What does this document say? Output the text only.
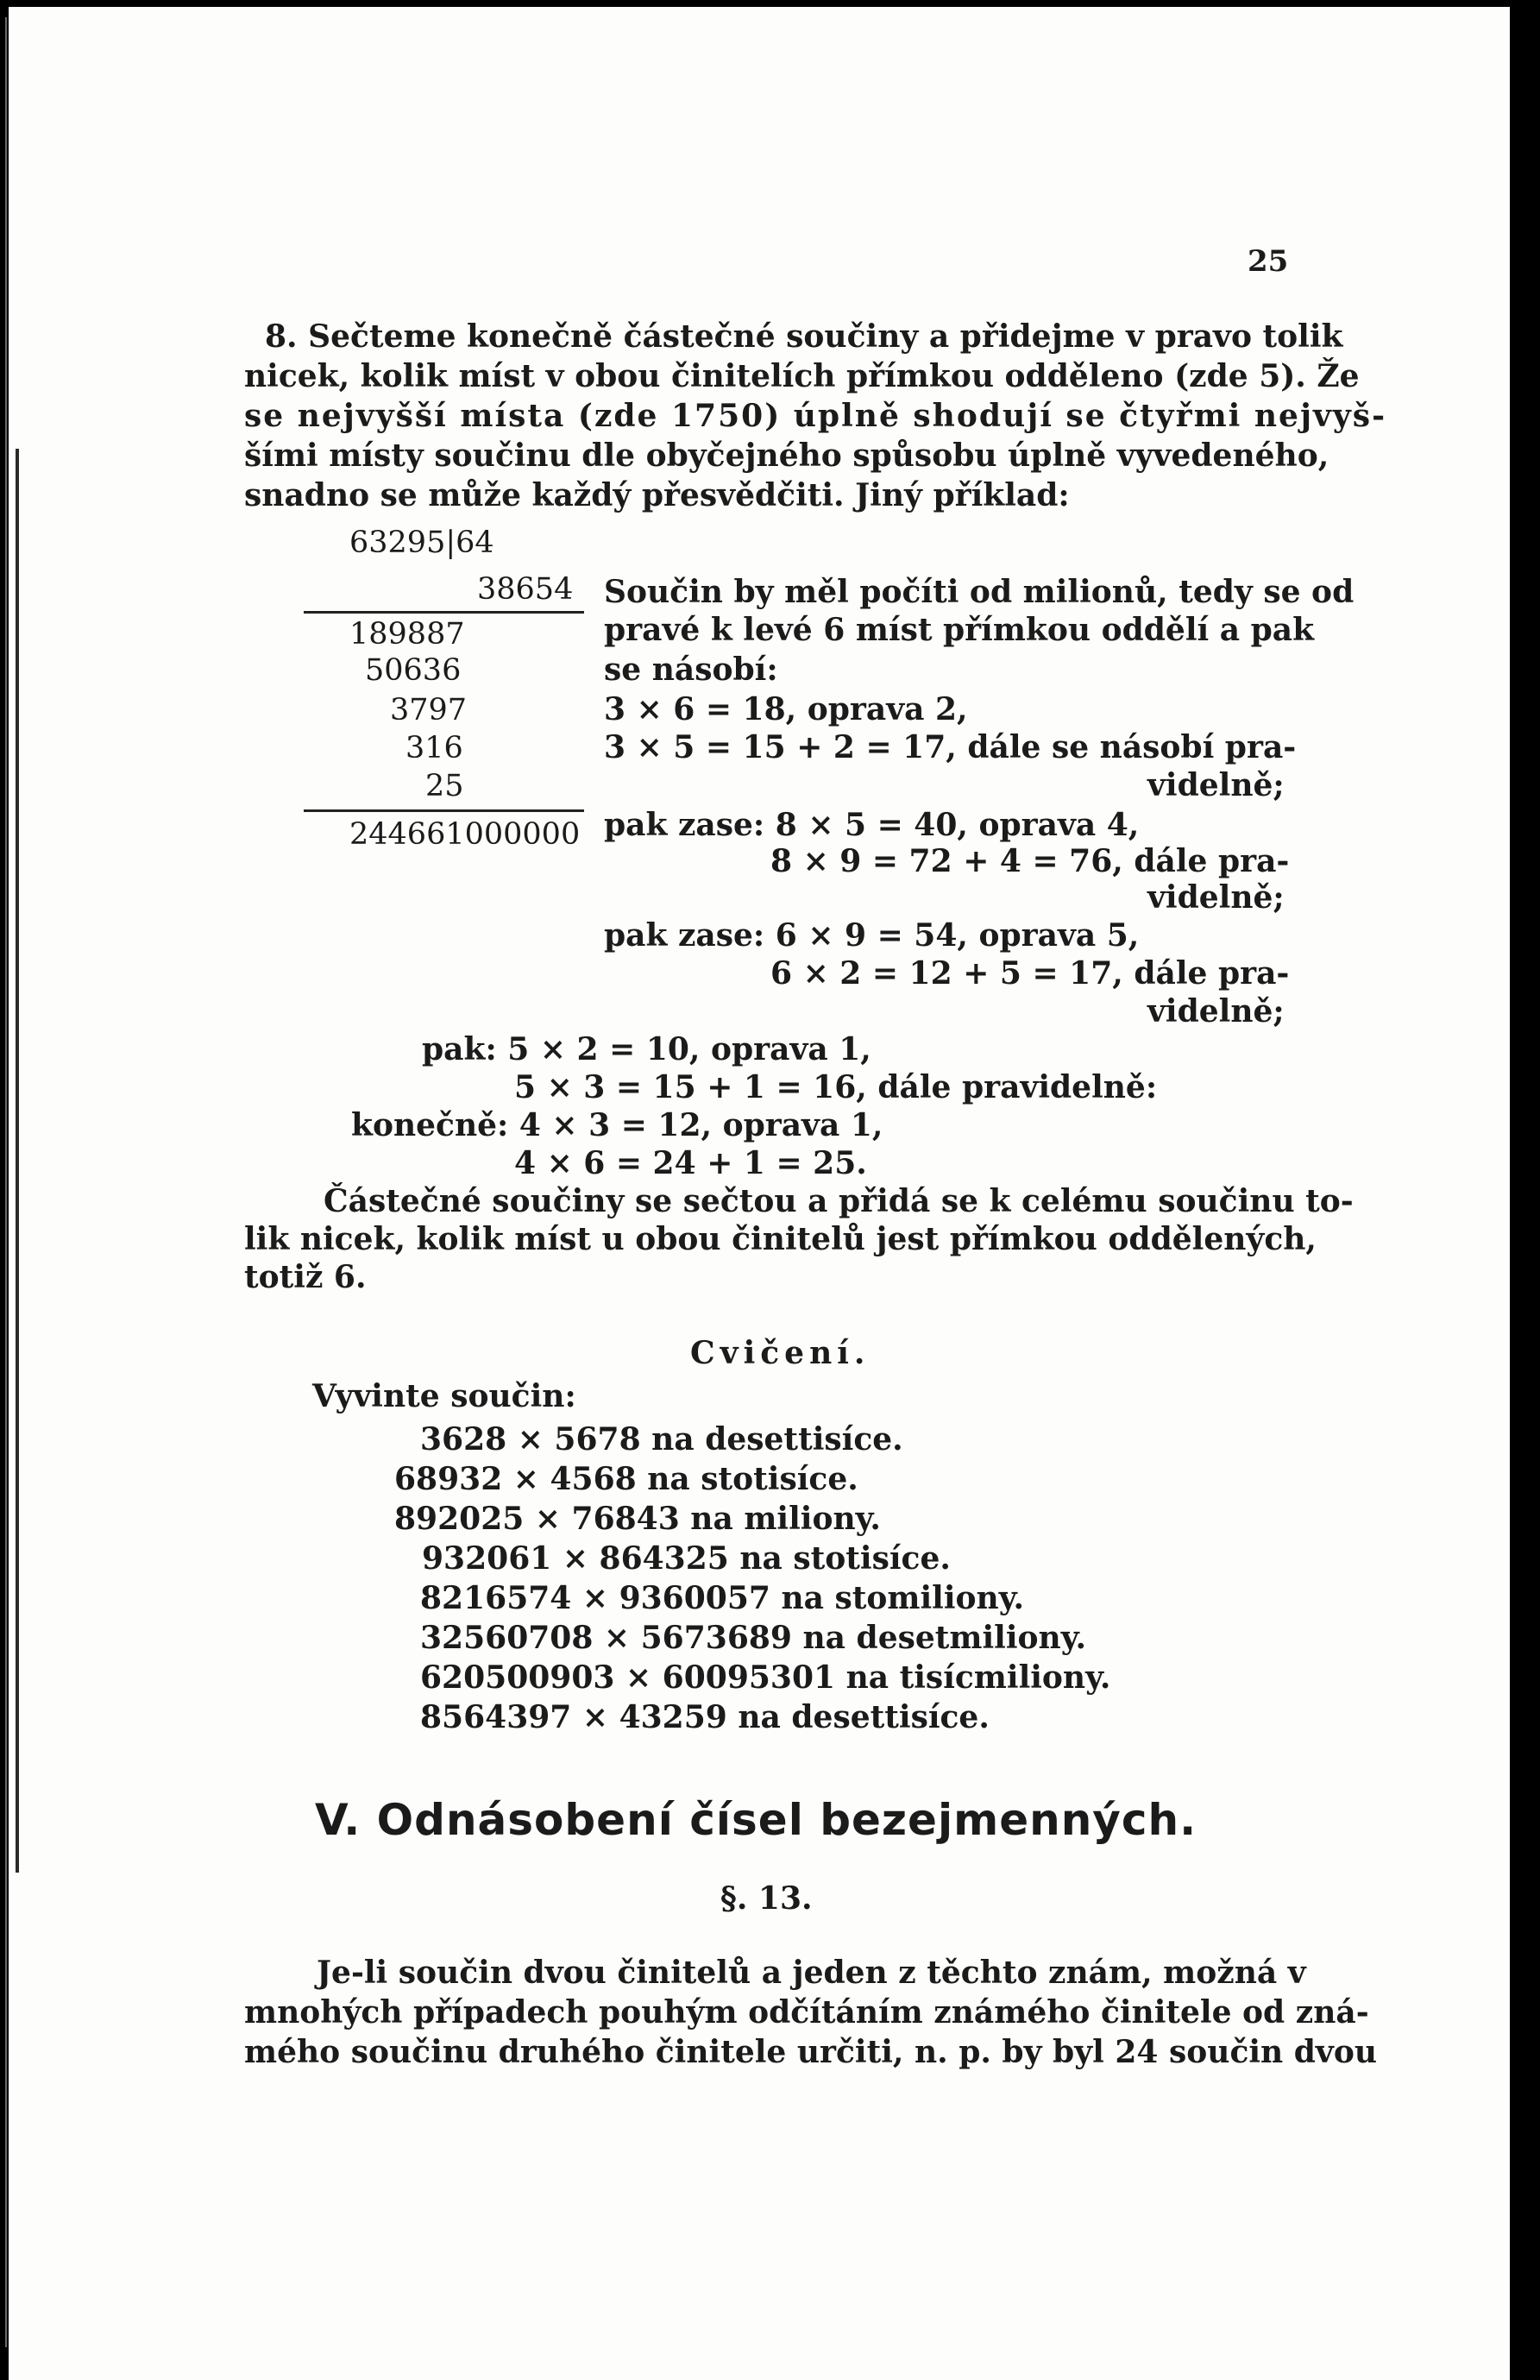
25
8. Sečteme konečně částečné součiny a přidejme v pravo tolik
nicek, kolik míst v obou činitelích přímkou odděleno (zde 5). Že
se nejvyšší místa (zde 1750) úplně shodují se čtyřmi nejvyš-
šími místy součinu dle obyčejného spůsobu úplně vyvedeného,
snadno se může každý přesvědčiti. Jiný příklad:
63295|64
38654
189887
50636
3797
316
25
244661000000
Součin by měl počíti od milionů, tedy se od
pravé k levé 6 míst přímkou oddělí a pak
se násobí:
3 × 6 = 18, oprava 2,
3 × 5 = 15 + 2 = 17, dále se násobí pra-
videlně;
pak zase: 8 × 5 = 40, oprava 4,
8 × 9 = 72 + 4 = 76, dále pra-
videlně;
pak zase: 6 × 9 = 54, oprava 5,
6 × 2 = 12 + 5 = 17, dále pra-
videlně;
pak: 5 × 2 = 10, oprava 1,
5 × 3 = 15 + 1 = 16, dále pravidelně:
konečně: 4 × 3 = 12, oprava 1,
4 × 6 = 24 + 1 = 25.
Částečné součiny se sečtou a přidá se k celému součinu to-
lik nicek, kolik míst u obou činitelů jest přímkou oddělených,
totiž 6.
Cvičení.
Vyvinte součin:
3628 × 5678 na desettisíce.
68932 × 4568 na stotisíce.
892025 × 76843 na miliony.
932061 × 864325 na stotisíce.
8216574 × 9360057 na stomiliony.
32560708 × 5673689 na desetmiliony.
620500903 × 60095301 na tisícmiliony.
8564397 × 43259 na desettisíce.
V. Odnásobení čísel bezejmenných.
§. 13.
Je-li součin dvou činitelů a jeden z těchto znám, možná v
mnohých případech pouhým odčítáním známého činitele od zná-
mého součinu druhého činitele určiti, n. p. by byl 24 součin dvou
